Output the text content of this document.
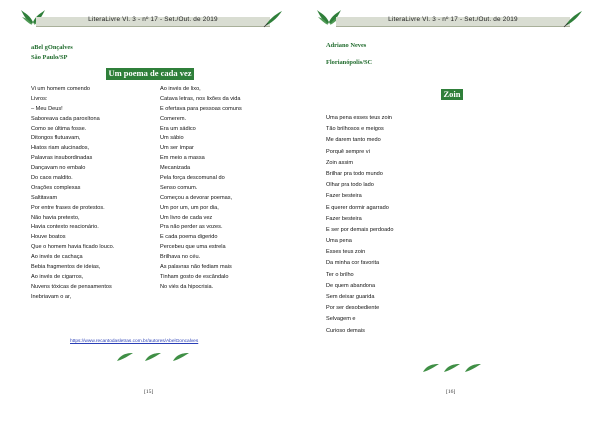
LiteraLivre Vl. 3 - nº 17 - Set./Out. de 2019
aBel gOnçalves
São Paulo/SP
Um poema de cada vez
Vi um homem comendo
Livros:
– Meu Deus!
Saboreava cada paroxítona
Como se última fosse.
Ditongos flutuavam,
Hiatos riam alucinados,
Palavras insubordinadas
Dançavam no embalo
Do caos maldito.
Orações complexas
Saltitavam
Por entre frases de protestos.
Não havia pretexto,
Havia contexto reacionário.
Houve boatos
Que o homem havia ficado louco.
Ao invés de cachaça
Bebia fragmentos de ideias,
Ao invés de cigarros,
Nuvens tóxicas de pensamentos
Inebriavam o ar,
Ao invés de lixo,
Catava letras, nos lixões da vida
E ofertava para pessoas comuns
Comerem.
Era um sádico
Um sábio
Um ser ímpar
Em meio a massa
Mecanizada
Pela força descomunal do
Senso comum.
Começou a devorar poemas,
Um por um, um por dia,
Um livro de cada vez
Pra não perder as vozes.
E cada poema digerido
Percebeu que uma estrela
Brilhava no céu.
As palavras não fediam mais
Tinham gosto de escândalo
No viés da hipocrisia.
https://www.recantodasletras.com.br/autores/AbelGoncalves
[15]
LiteraLivre Vl. 3 - nº 17 - Set./Out. de 2019
Adriano Neves
Florianópolis/SC
Zoin
Uma pena esses teus zoin
Tão brilhosos e meigos
Me darem tanto medo
Porquê sempre vi
Zoin assim
Brilhar pra todo mundo
Olhar pra todo lado
Fazer besteira
E querer dormir agarrado
Fazer besteira
E ser por demais perdoado
Uma pena
Esses teus zoin
Da minha cor favorita
Ter o brilho
De quem abandona
Sem deixar guarida
Por ser desobediente
Selvagem e
Curioso demais
[16]
